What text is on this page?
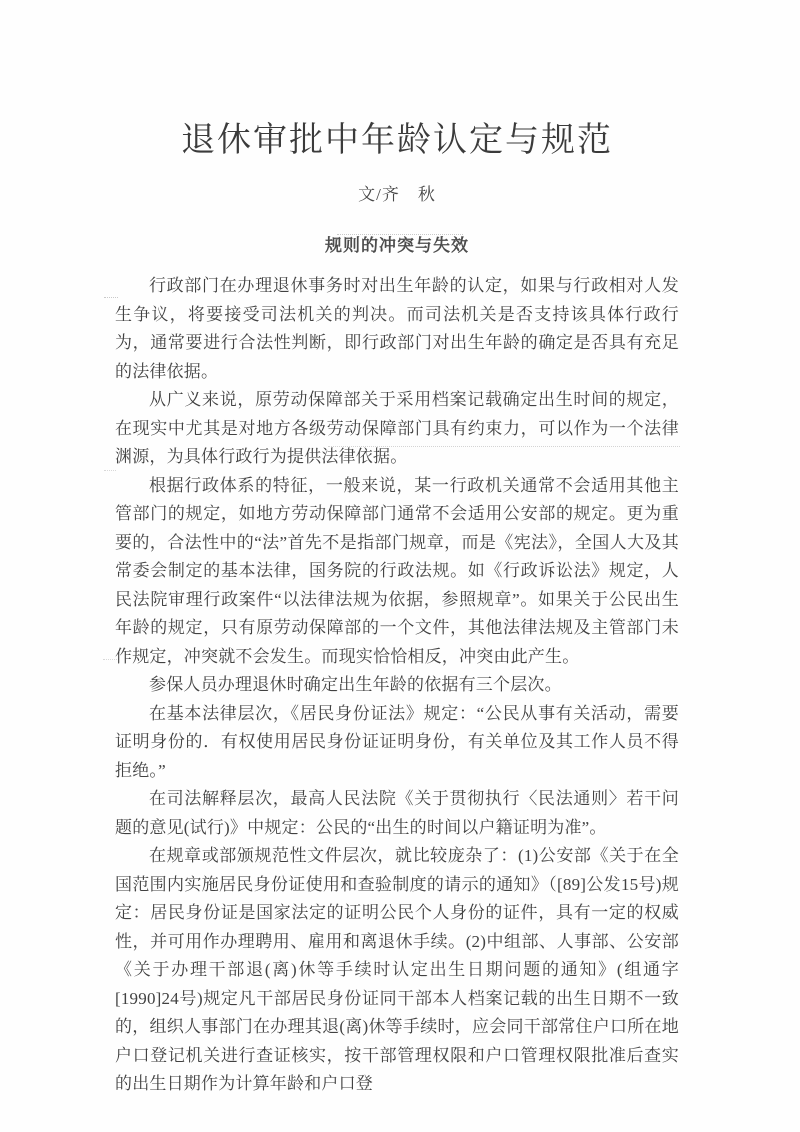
退休审批中年龄认定与规范
文/齐　秋
规则的冲突与失效

行政部门在办理退休事务时对出生年龄的认定，如果与行政相对人发生争议，将要接受司法机关的判决。而司法机关是否支持该具体行政行为，通常要进行合法性判断，即行政部门对出生年龄的确定是否具有充足的法律依据。

从广义来说，原劳动保障部关于采用档案记载确定出生时间的规定，在现实中尤其是对地方各级劳动保障部门具有约束力，可以作为一个法律渊源，为具体行政行为提供法律依据。

根据行政体系的特征，一般来说，某一行政机关通常不会适用其他主管部门的规定，如地方劳动保障部门通常不会适用公安部的规定。更为重要的，合法性中的“法”首先不是指部门规章，而是《宪法》，全国人大及其常委会制定的基本法律，国务院的行政法规。如《行政诉讼法》规定，人民法院审理行政案件“以法律法规为依据，参照规章”。如果关于公民出生年龄的规定，只有原劳动保障部的一个文件，其他法律法规及主管部门未作规定，冲突就不会发生。而现实恰恰相反，冲突由此产生。

参保人员办理退休时确定出生年龄的依据有三个层次。

在基本法律层次，《居民身份证法》规定：“公民从事有关活动，需要证明身份的．有权使用居民身份证证明身份，有关单位及其工作人员不得拒绝。”

在司法解释层次，最高人民法院《关于贯彻执行〈民法通则〉若干问题的意见(试行)》中规定：公民的“出生的时间以户籍证明为准”。

在规章或部颁规范性文件层次，就比较庞杂了：(1)公安部《关于在全国范围内实施居民身份证使用和查验制度的请示的通知》（[89]公发15号)规定：居民身份证是国家法定的证明公民个人身份的证件，具有一定的权威性，并可用作办理聘用、雇用和离退休手续。(2)中组部、人事部、公安部《关于办理干部退(离)休等手续时认定出生日期问题的通知》(组通字[1990]24号)规定凡干部居民身份证同干部本人档案记载的出生日期不一致的，组织人事部门在办理其退(离)休等手续时，应会同干部常住户口所在地户口登记机关进行查证核实，按干部管理权限和户口管理权限批准后查实的出生日期作为计算年龄和户口登
